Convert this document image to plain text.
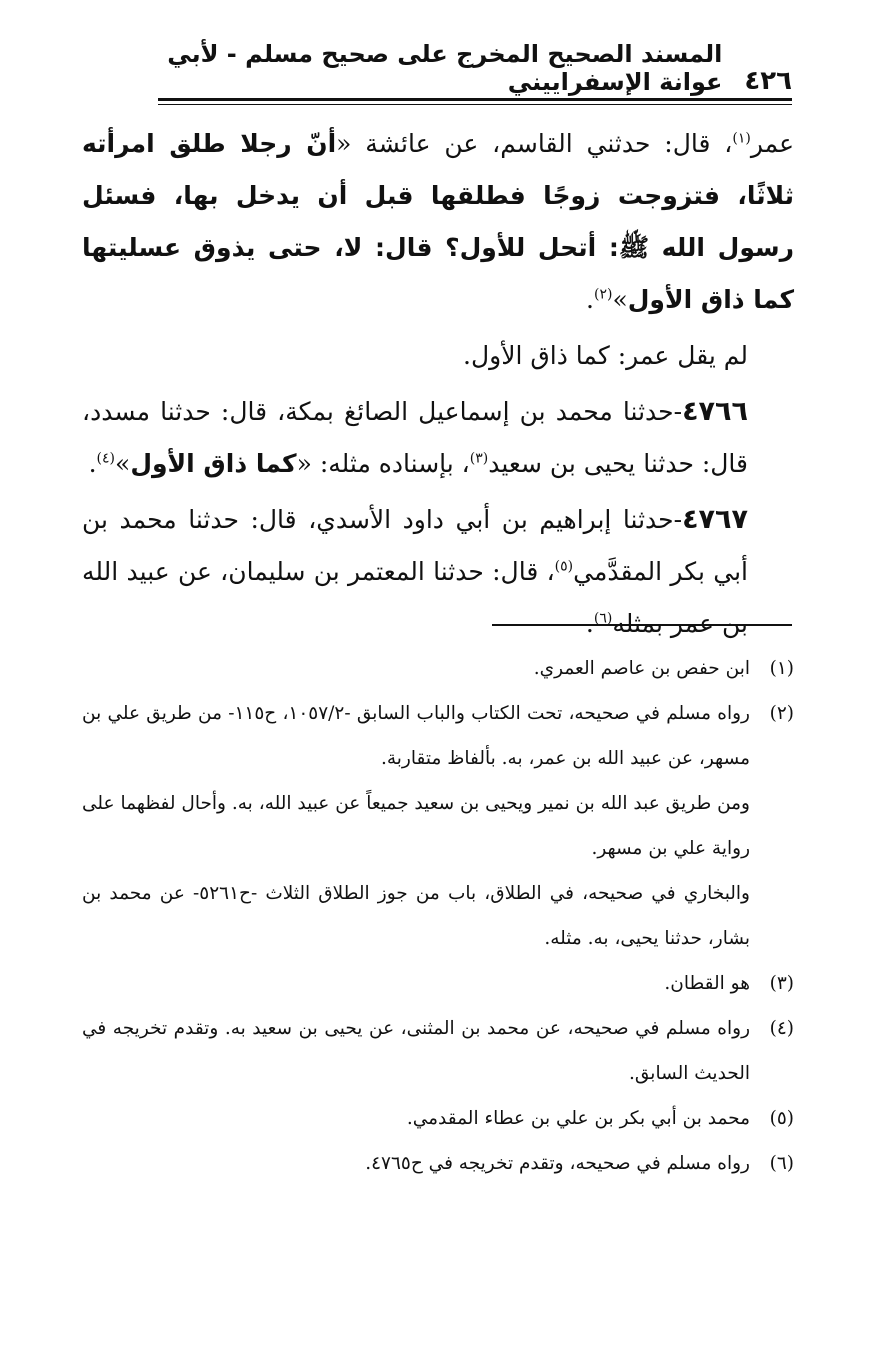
٤٢٦
المسند الصحيح المخرج على صحيح مسلم - لأبي عوانة الإسفراييني

عمر$^{(١)}$، قال: حدثني القاسم، عن عائشة «أنّ رجلا طلق امرأته ثلاثًا، فتزوجت زوجًا فطلقها قبل أن يدخل بها، فسئل رسول الله ﷺ: أتحل للأول؟ قال: لا، حتى يذوق عسليتها كما ذاق الأول»$^{(٢)}$.

لم يقل عمر: كما ذاق الأول.

٤٧٦٦-حدثنا محمد بن إسماعيل الصائغ بمكة، قال: حدثنا مسدد، قال: حدثنا يحيى بن سعيد$^{(٣)}$، بإسناده مثله: «كما ذاق الأول»$^{(٤)}$.

٤٧٦٧-حدثنا إبراهيم بن أبي داود الأسدي، قال: حدثنا محمد بن أبي بكر المقدَّمي$^{(٥)}$، قال: حدثنا المعتمر بن سليمان، عن عبيد الله بن عمر بمثله$^{(٦)}$.

(١)
ابن حفص بن عاصم العمري.
(٢)
رواه مسلم في صحيحه، تحت الكتاب والباب السابق -١٠٥٧/٢، ح١١٥- من طريق علي بن مسهر، عن عبيد الله بن عمر، به. بألفاظ متقاربة.
ومن طريق عبد الله بن نمير ويحيى بن سعيد جميعاً عن عبيد الله، به. وأحال لفظهما على رواية علي بن مسهر.
والبخاري في صحيحه، في الطلاق، باب من جوز الطلاق الثلاث -ح٥٢٦١- عن محمد بن بشار، حدثنا يحيى، به. مثله.
(٣)
هو القطان.
(٤)
رواه مسلم في صحيحه، عن محمد بن المثنى، عن يحيى بن سعيد به. وتقدم تخريجه في الحديث السابق.
(٥)
محمد بن أبي بكر بن علي بن عطاء المقدمي.
(٦)
رواه مسلم في صحيحه، وتقدم تخريجه في ح٤٧٦٥.
